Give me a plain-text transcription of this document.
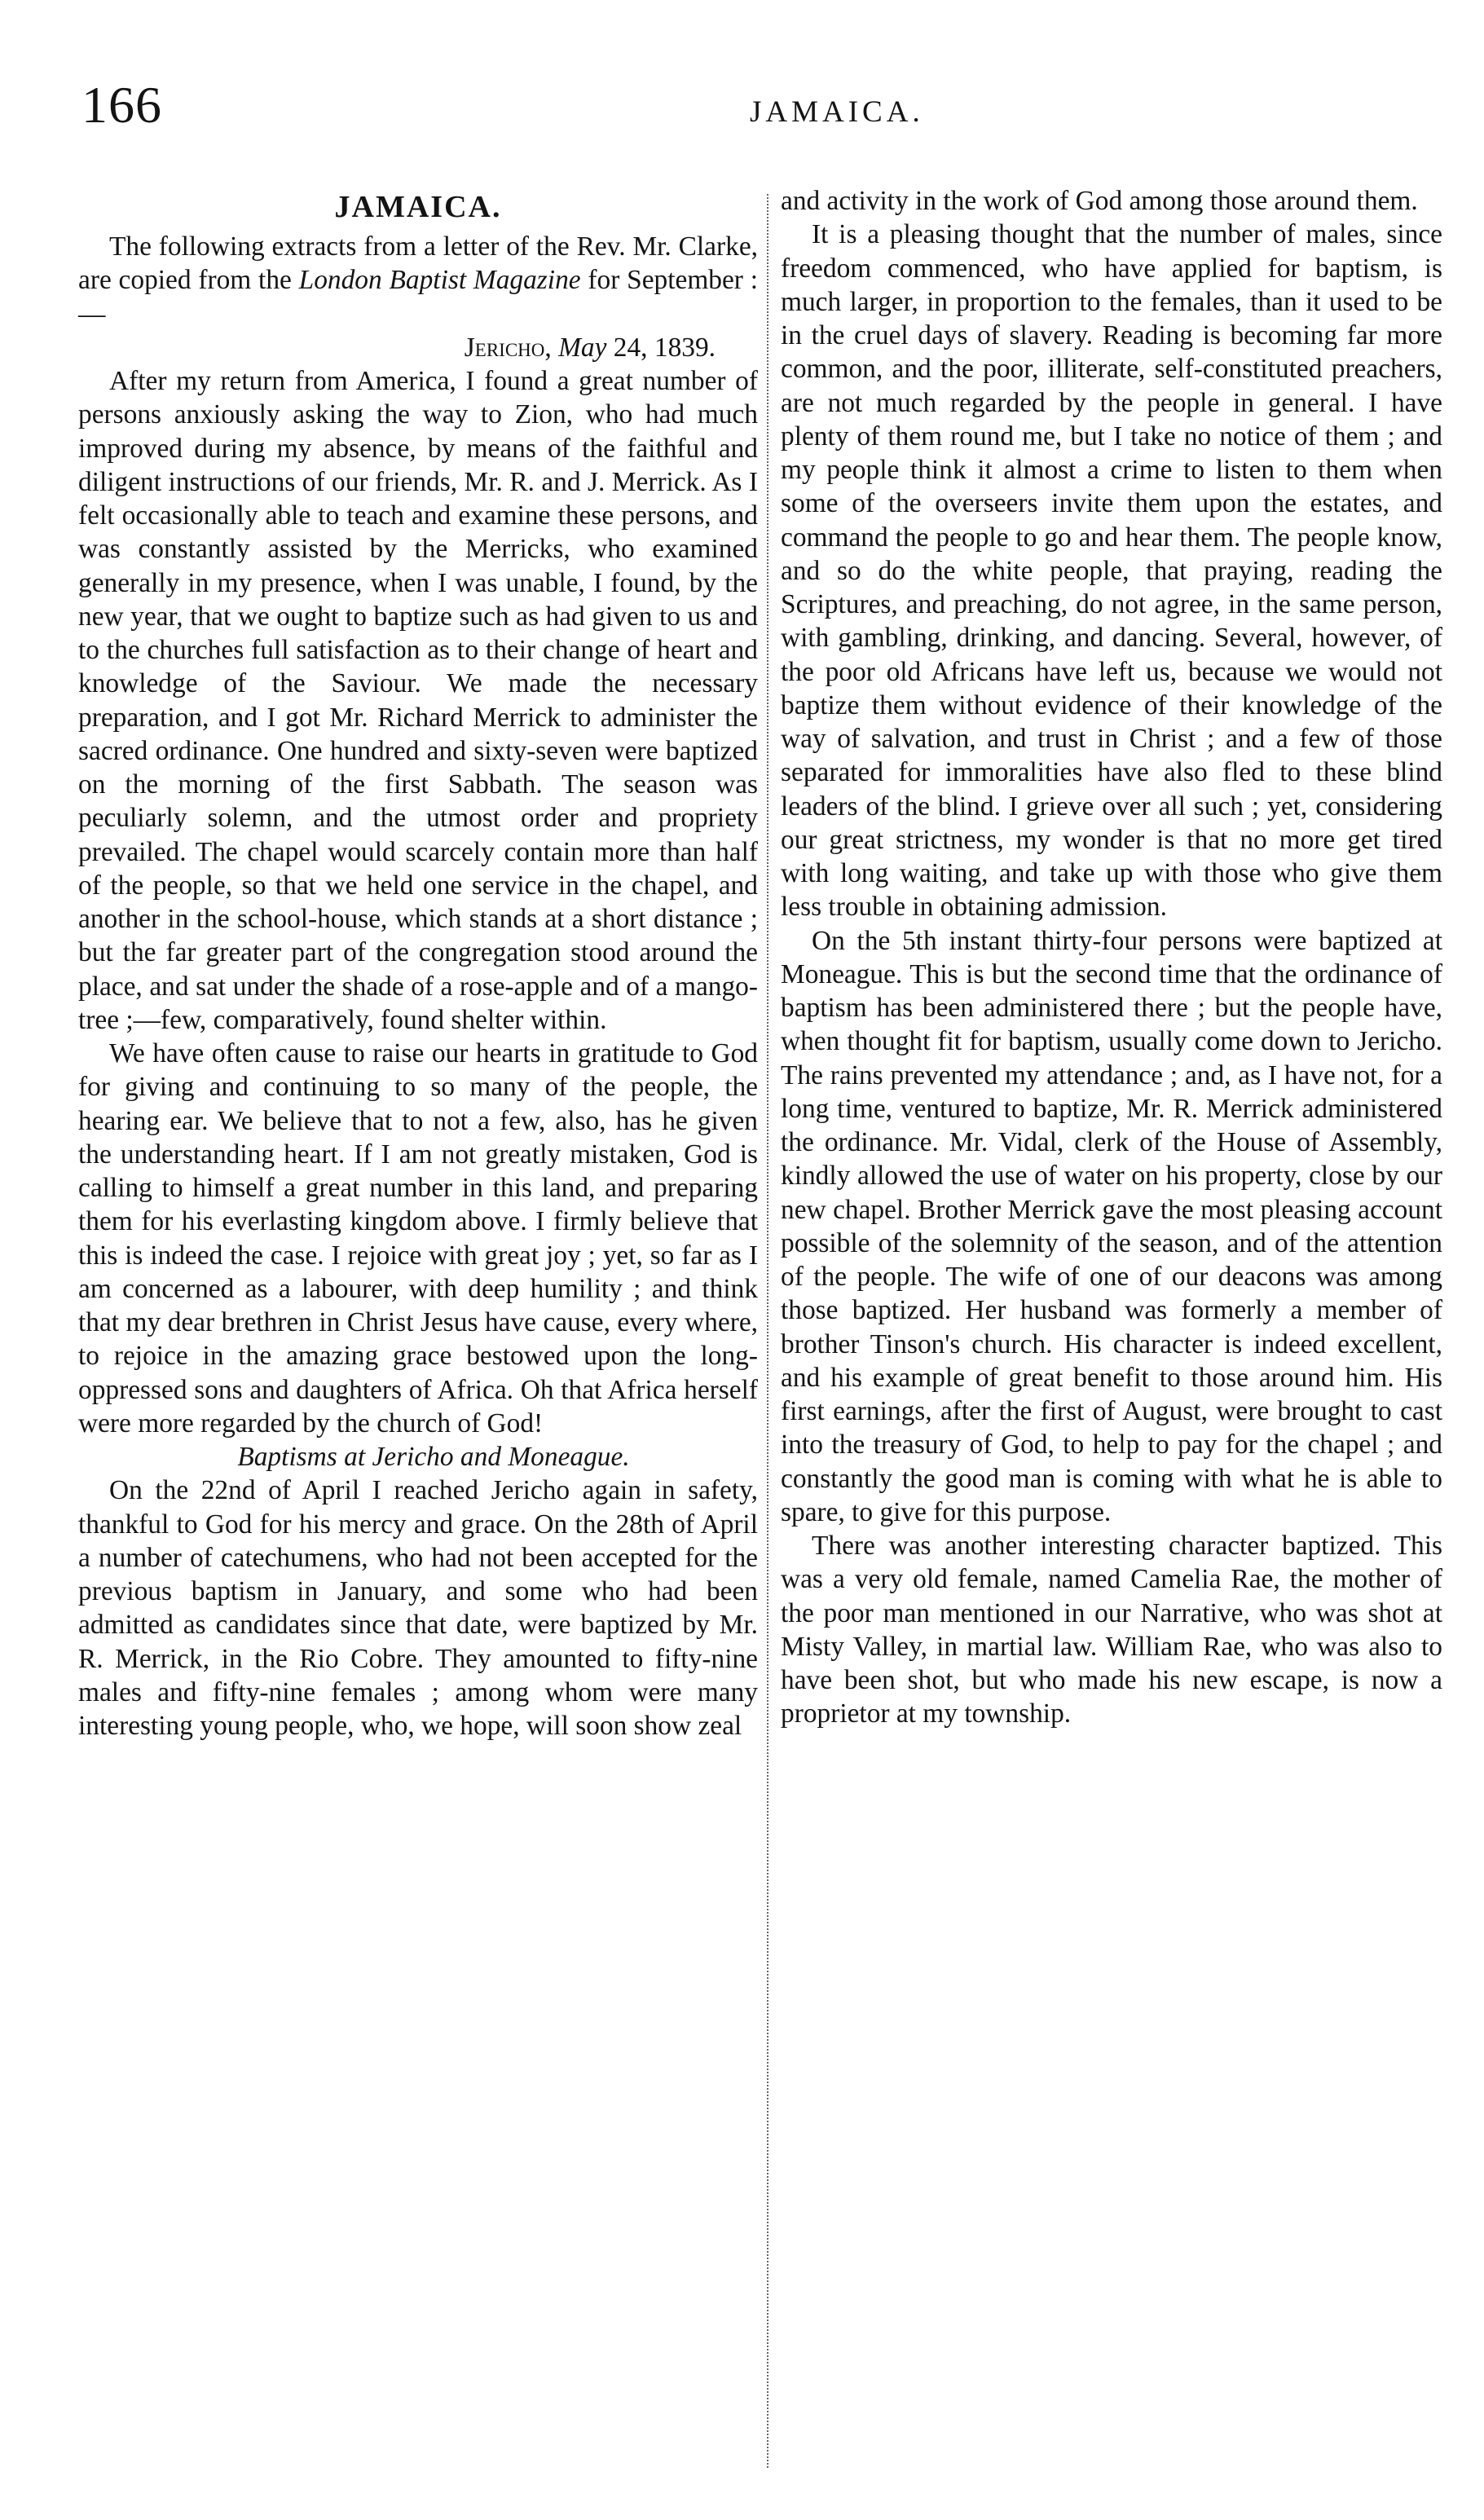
166	JAMAICA.
JAMAICA.

The following extracts from a letter of the Rev. Mr. Clarke, are copied from the London Baptist Magazine for September :—

Jericho, May 24, 1839.

After my return from America, I found a great number of persons anxiously asking the way to Zion, who had much improved during my absence, by means of the faithful and diligent instructions of our friends, Mr. R. and J. Merrick. As I felt occasionally able to teach and examine these persons, and was constantly assisted by the Merricks, who examined generally in my presence, when I was unable, I found, by the new year, that we ought to baptize such as had given to us and to the churches full satisfaction as to their change of heart and knowledge of the Saviour. We made the necessary preparation, and I got Mr. Richard Merrick to administer the sacred ordinance. One hundred and sixty-seven were baptized on the morning of the first Sabbath. The season was peculiarly solemn, and the utmost order and propriety prevailed. The chapel would scarcely contain more than half of the people, so that we held one service in the chapel, and another in the school-house, which stands at a short distance ; but the far greater part of the congregation stood around the place, and sat under the shade of a rose-apple and of a mango-tree ;—few, comparatively, found shelter within.

We have often cause to raise our hearts in gratitude to God for giving and continuing to so many of the people, the hearing ear. We believe that to not a few, also, has he given the understanding heart. If I am not greatly mistaken, God is calling to himself a great number in this land, and preparing them for his everlasting kingdom above. I firmly believe that this is indeed the case. I rejoice with great joy ; yet, so far as I am concerned as a labourer, with deep humility ; and think that my dear brethren in Christ Jesus have cause, every where, to rejoice in the amazing grace bestowed upon the long-oppressed sons and daughters of Africa. Oh that Africa herself were more regarded by the church of God!

Baptisms at Jericho and Moneague.

On the 22nd of April I reached Jericho again in safety, thankful to God for his mercy and grace. On the 28th of April a number of catechumens, who had not been accepted for the previous baptism in January, and some who had been admitted as candidates since that date, were baptized by Mr. R. Merrick, in the Rio Cobre. They amounted to fifty-nine males and fifty-nine females ; among whom were many interesting young people, who, we hope, will soon show zeal

and activity in the work of God among those around them.

It is a pleasing thought that the number of males, since freedom commenced, who have applied for baptism, is much larger, in proportion to the females, than it used to be in the cruel days of slavery. Reading is becoming far more common, and the poor, illiterate, self-constituted preachers, are not much regarded by the people in general. I have plenty of them round me, but I take no notice of them ; and my people think it almost a crime to listen to them when some of the overseers invite them upon the estates, and command the people to go and hear them. The people know, and so do the white people, that praying, reading the Scriptures, and preaching, do not agree, in the same person, with gambling, drinking, and dancing. Several, however, of the poor old Africans have left us, because we would not baptize them without evidence of their knowledge of the way of salvation, and trust in Christ ; and a few of those separated for immoralities have also fled to these blind leaders of the blind. I grieve over all such ; yet, considering our great strictness, my wonder is that no more get tired with long waiting, and take up with those who give them less trouble in obtaining admission.

On the 5th instant thirty-four persons were baptized at Moneague. This is but the second time that the ordinance of baptism has been administered there ; but the people have, when thought fit for baptism, usually come down to Jericho. The rains prevented my attendance ; and, as I have not, for a long time, ventured to baptize, Mr. R. Merrick administered the ordinance. Mr. Vidal, clerk of the House of Assembly, kindly allowed the use of water on his property, close by our new chapel. Brother Merrick gave the most pleasing account possible of the solemnity of the season, and of the attention of the people. The wife of one of our deacons was among those baptized. Her husband was formerly a member of brother Tinson's church. His character is indeed excellent, and his example of great benefit to those around him. His first earnings, after the first of August, were brought to cast into the treasury of God, to help to pay for the chapel ; and constantly the good man is coming with what he is able to spare, to give for this purpose.

There was another interesting character baptized. This was a very old female, named Camelia Rae, the mother of the poor man mentioned in our Narrative, who was shot at Misty Valley, in martial law. William Rae, who was also to have been shot, but who made his new escape, is now a proprietor at my township.
